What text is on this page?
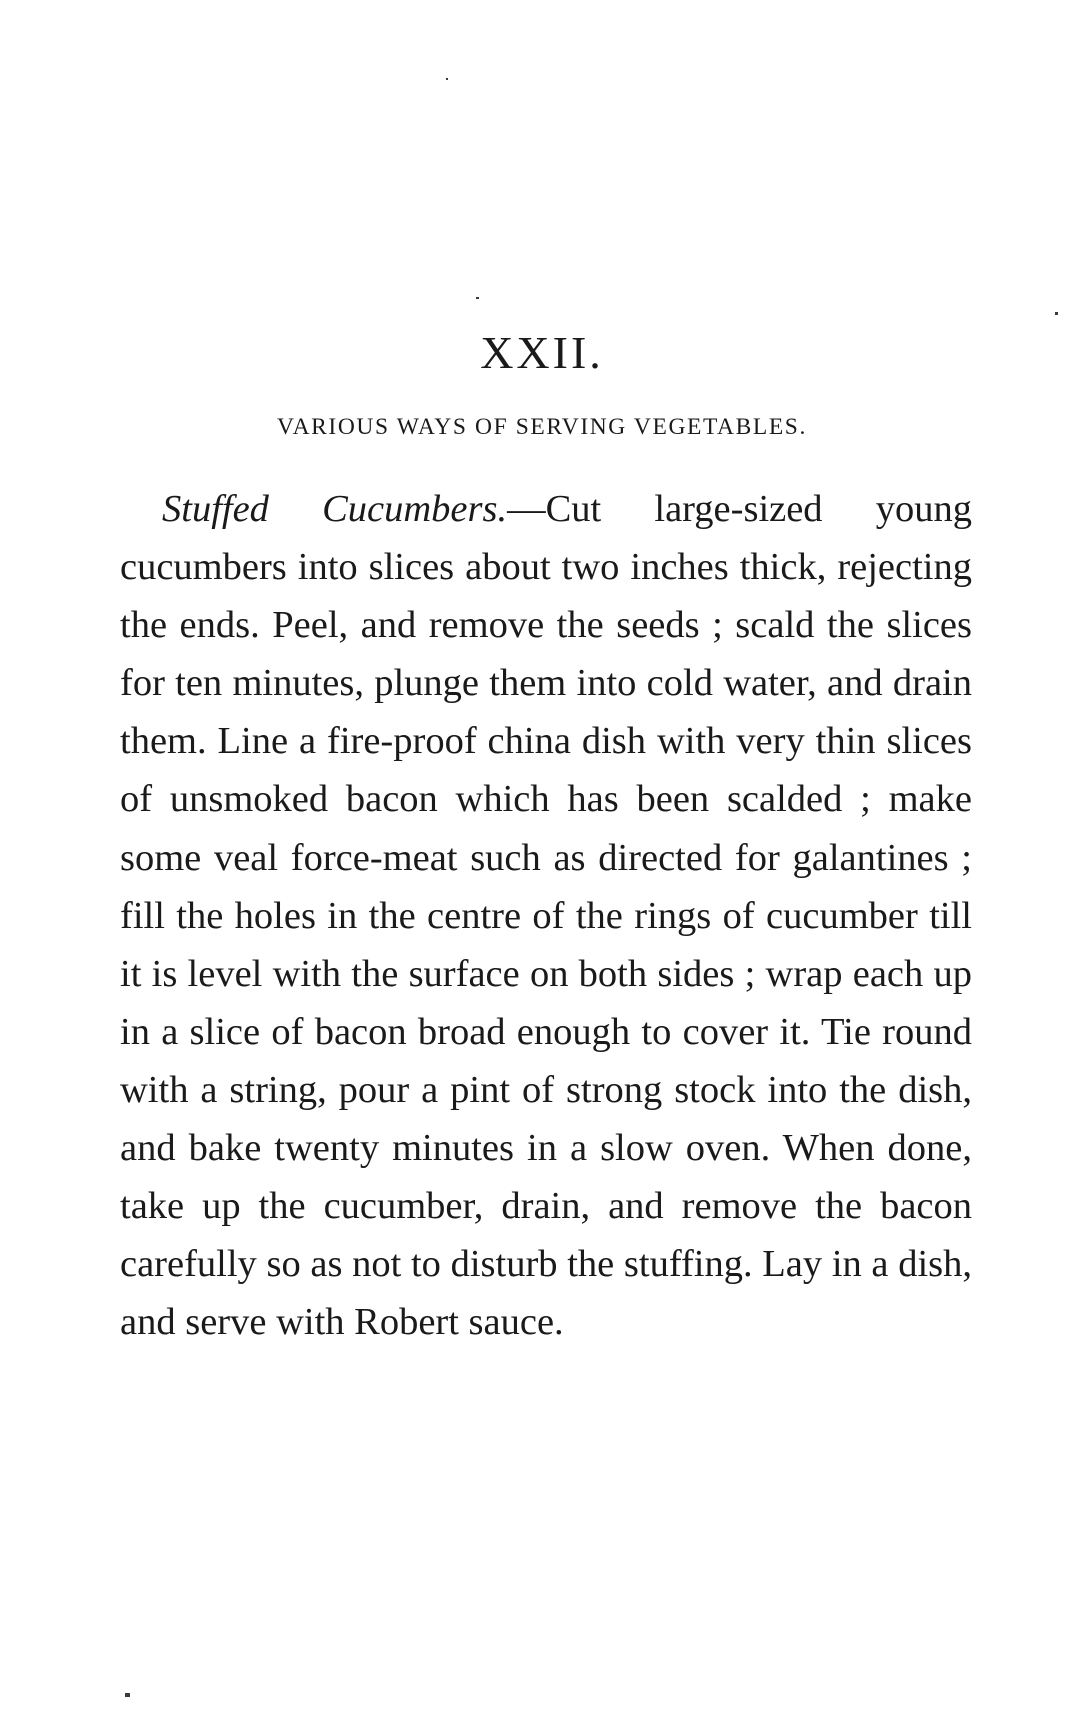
XXII.
VARIOUS WAYS OF SERVING VEGETABLES.

Stuffed Cucumbers.—Cut large-sized young cucumbers into slices about two inches thick, rejecting the ends. Peel, and remove the seeds ; scald the slices for ten minutes, plunge them into cold water, and drain them. Line a fire-proof china dish with very thin slices of unsmoked bacon which has been scalded ; make some veal force-meat such as directed for galantines ; fill the holes in the centre of the rings of cucumber till it is level with the surface on both sides ; wrap each up in a slice of bacon broad enough to cover it. Tie round with a string, pour a pint of strong stock into the dish, and bake twenty minutes in a slow oven. When done, take up the cucumber, drain, and remove the bacon carefully so as not to disturb the stuffing. Lay in a dish, and serve with Robert sauce.
